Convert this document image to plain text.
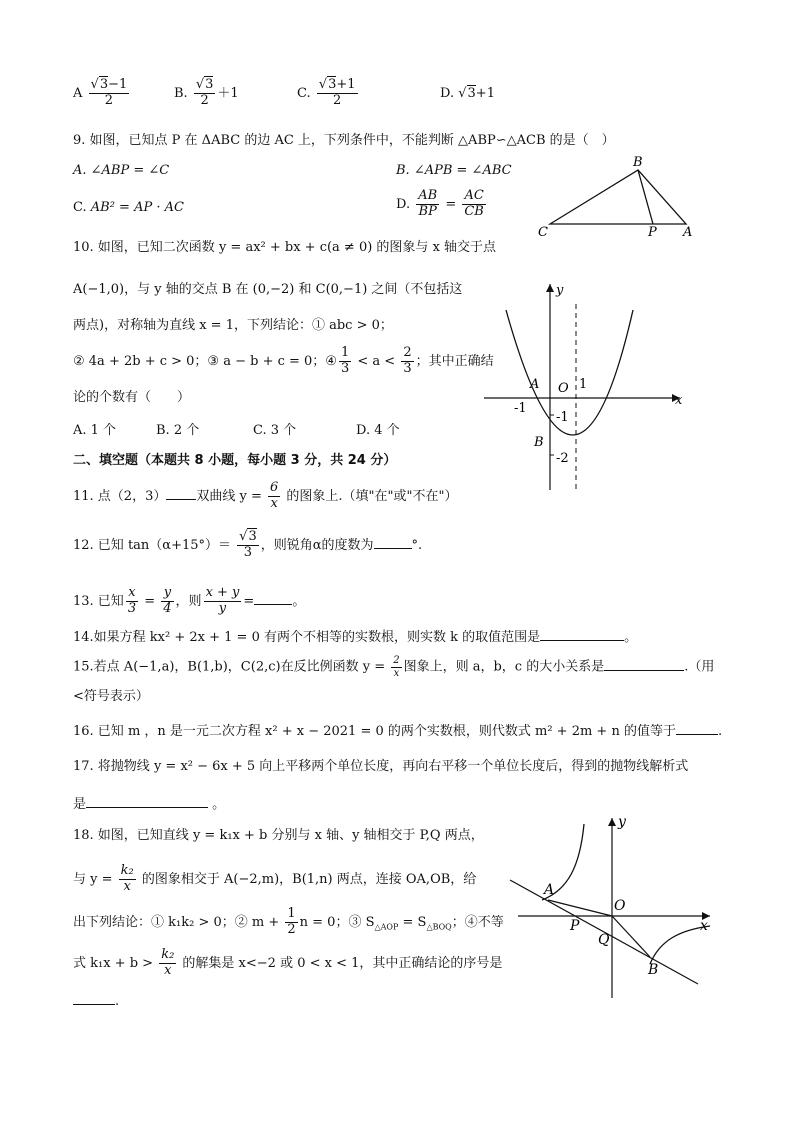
A $\frac{√3-1}{2}$	B. $\frac{√3}{2} +1$	C. $\frac{√3+1}{2}$	D. √3+1
9. 如图，已知点 P 在 ΔABC 的边 AC 上，下列条件中，不能判断 △ABP∽△ACB 的是（　）
A. ∠ABP = ∠C	B. ∠APB = ∠ABC
C. AB² = AP · AC	D. $\frac{AB}{BP} = \frac{AC}{CB}$
B
C	P A
10. 如图，已知二次函数 y = ax² + bx + c(a ≠ 0) 的图象与 x 轴交于点
A(−1,0)，与 y 轴的交点 B 在 (0,−2) 和 C(0,−1) 之间（不包括这
两点)，对称轴为直线 x = 1，下列结论：① abc > 0；
② 4a + 2b + c > 0；③ a − b + c = 0；④ $\frac{1}{3} < a < \frac{2}{3}$ ；其中正确结
论的个数有（　　）
A. 1 个	B. 2 个	C. 3 个	D. 4 个
y
x
A O 1
-1
-1
B
-2
二、填空题（本题共 8 小题，每小题 3 分，共 24 分）
11. 点（2，3） 双曲线 $y = \frac{6}{x}$ 的图象上.（填"在"或"不在"）
12. 已知 $\tan(\alpha+15^\circ)= \frac{√3}{3}$ ，则锐角α的度数为	°.
13. 已知 $\frac{x}{3} = \frac{y}{4}$ ，则 $\frac{x + y}{y}$ =	。
14.如果方程 kx² + 2x + 1 = 0 有两个不相等的实数根，则实数 k 的取值范围是	。
15.若点 A(−1,a)，B(1,b)，C(2,c)在反比例函数 $y = \frac{2}{x}$ 图象上，则 a，b，c 的大小关系是	.（用
<符号表示）
16. 已知 m ，n 是一元二次方程 x² + x − 2021 = 0 的两个实数根，则代数式 m² + 2m + n 的值等于	.
17. 将抛物线 y = x² − 6x + 5 向上平移两个单位长度，再向右平移一个单位长度后，得到的抛物线解析式
是	。
18. 如图，已知直线 y = k₁x + b 分别与 x 轴、y 轴相交于 P,Q 两点，
与 $y = \frac{\text{k₂}}{x}$ 的图象相交于 A(−2,m)，B(1,n) 两点，连接 OA,OB，给
出下列结论：① k₁k₂ > 0；② $m + \frac{1}{2}$ n = 0；③ $S_{\triangle AOP} = S_{\triangle BOQ}$；④不等
式 $k_1x + b > \frac{\text{k₂}}{x}$ 的解集是 x<−2 或 0 < x < 1，其中正确结论的序号是
.
y
x
A
O
P
Q
B
